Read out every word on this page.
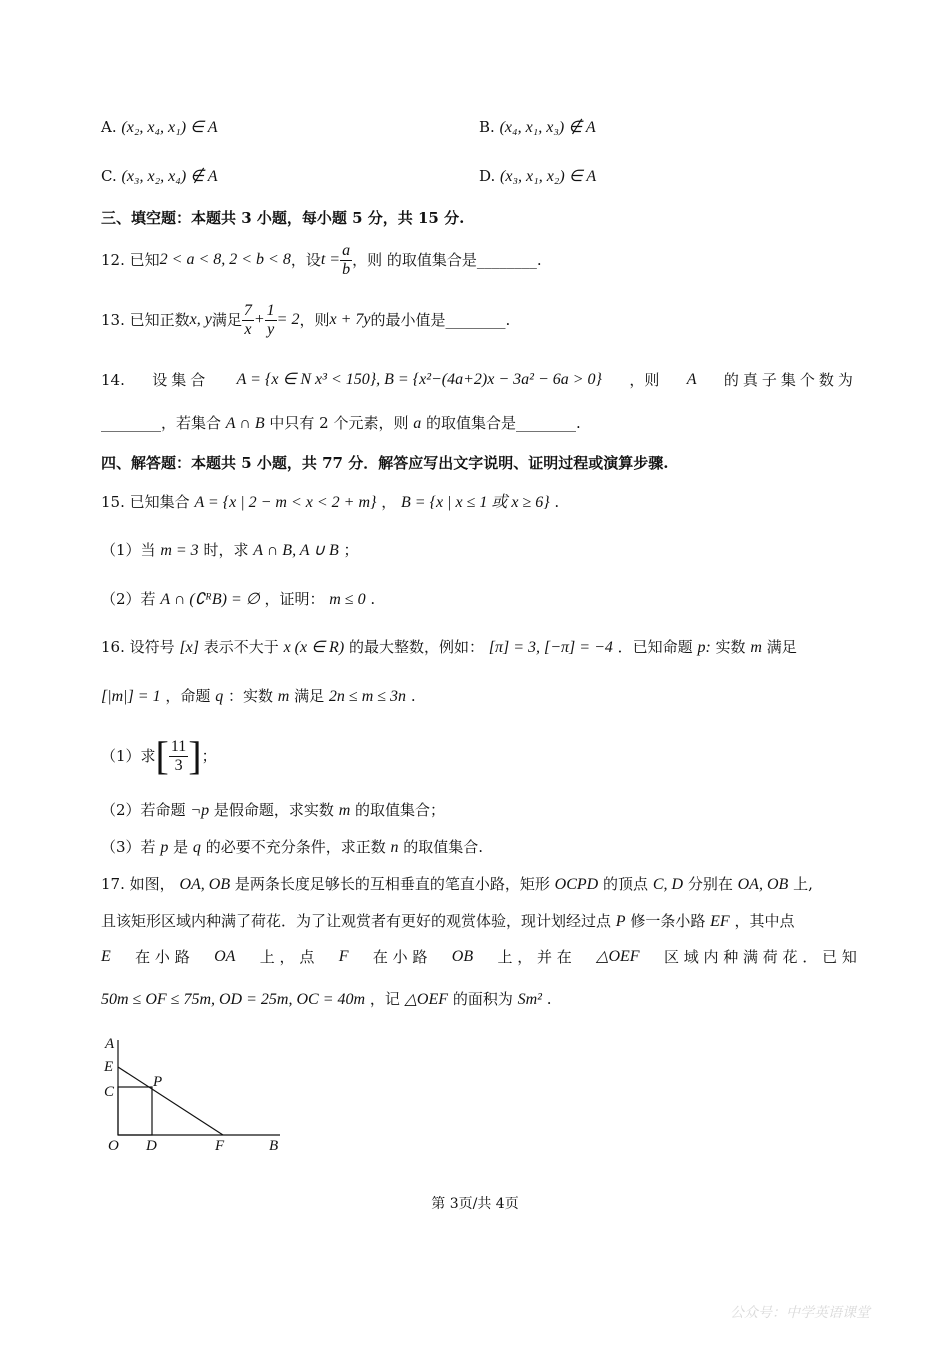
A. (x₂, x₄, x₁) ∈ A	B. (x₄, x₁, x₃) ∉ A
C. (x₃, x₂, x₄) ∉ A	D. (x₃, x₁, x₂) ∈ A
三、填空题：本题共 3 小题，每小题 5 分，共 15 分.
12.
已知 2 < a < 8, 2 < b < 8 ，设 $t = \frac{a}{b}$ ，则 的取值集合是________.
13.
已知正数 x, y 满足 $\frac{7}{x} + \frac{1}{y} = 2$ ，则 x + 7y 的最小值是________.
14. 设集合 A = {x ∈ N x³ < 150}, B = {x²−(4a+2)x − 3a² − 6a > 0} ，则 A 的真子集个数为
________，若集合 A ∩ B 中只有 2 个元素，则 a 的取值集合是________.
四、解答题：本题共 5 小题，共 77 分．解答应写出文字说明、证明过程或演算步骤.
15. 已知集合 A = {x | 2 − m < x < 2 + m} ， B = {x | x ≤ 1 或 x ≥ 6} .
（1）当 m = 3 时，求 A ∩ B, A ∪ B ；
（2）若 A ∩ (∁ᴿB) = ∅ ，证明： m ≤ 0 .
16. 设符号 [x] 表示不大于 x (x ∈ R) 的最大整数，例如： [π] = 3, [−π] = −4 ．已知命题 p: 实数 m 满足
[|m|] = 1 ，命题 q ：实数 m 满足 2n ≤ m ≤ 3n .
（1）求 [ $\frac{11}{3}$ ] ；
（2）若命题 ¬p 是假命题，求实数 m 的取值集合；
（3）若 p 是 q 的必要不充分条件，求正数 n 的取值集合.
17. 如图， OA, OB 是两条长度足够长的互相垂直的笔直小路，矩形 OCPD 的顶点 C, D 分别在 OA, OB 上,
且该矩形区域内种满了荷花．为了让观赏者有更好的观赏体验，现计划经过点 P 修一条小路 EF ，其中点
E 在 小 路 OA 上 ， 点 F 在 小 路 OB 上 ， 并 在 △OEF 区 域 内 种 满 荷 花 ． 已 知
50m ≤ OF ≤ 75m, OD = 25m, OC = 40m ，记 △OEF 的面积为 Sm² .
A
E
C
P
O D	F	B
第 3页/共 4页
公众号：中学英语课堂
